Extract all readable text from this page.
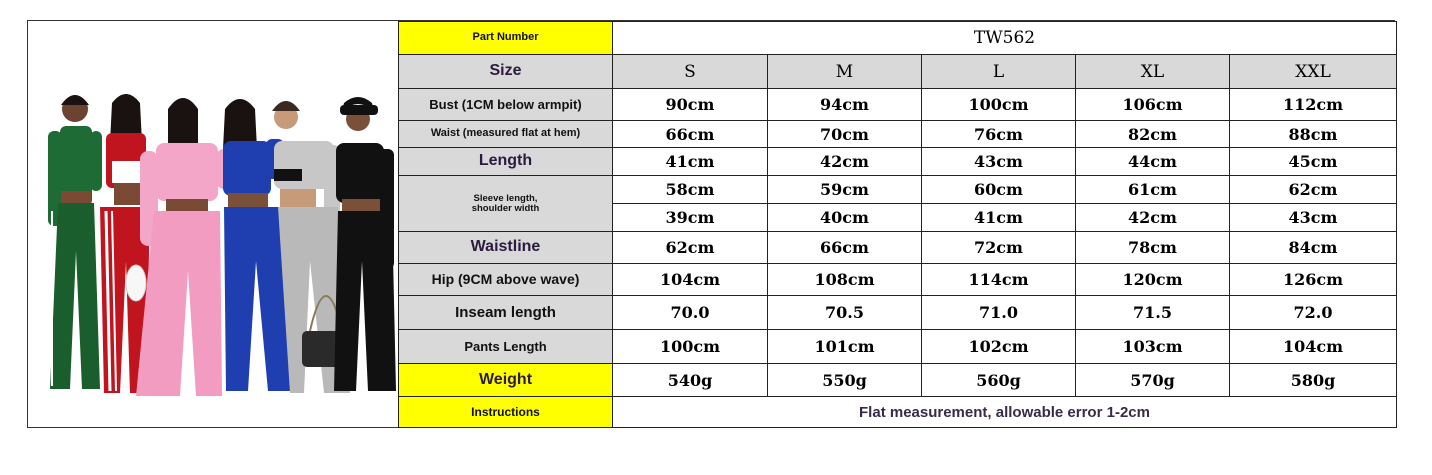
Part Number	TW562				
Size	S	M	L	XL	XXL
Bust (1CM below armpit)	90cm	94cm	100cm	106cm	112cm
Waist (measured flat at hem)	66cm	70cm	76cm	82cm	88cm
Length	41cm	42cm	43cm	44cm	45cm
Sleeve length, shoulder width	58cm	59cm	60cm	61cm	62cm
	39cm	40cm	41cm	42cm	43cm
Waistline	62cm	66cm	72cm	78cm	84cm
Hip (9CM above wave)	104cm	108cm	114cm	120cm	126cm
Inseam length	70.0	70.5	71.0	71.5	72.0
Pants Length	100cm	101cm	102cm	103cm	104cm
Weight	540g	550g	560g	570g	580g
Instructions	Flat measurement, allowable error 1-2cm				
